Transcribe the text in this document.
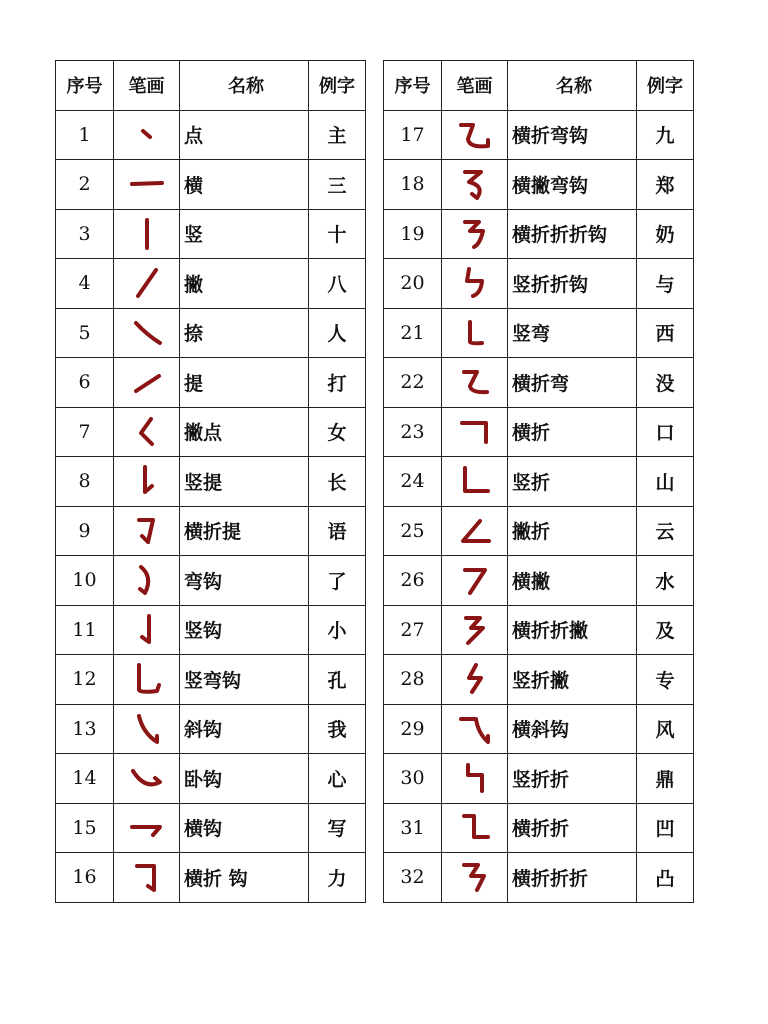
序号	笔画	名称	例字
1		点	主
2		横	三
3		竖	十
4		撇	八
5		捺	人
6		提	打
7		撇点	女
8		竖提	长
9		横折提	语
10		弯钩	了
11		竖钩	小
12		竖弯钩	孔
13		斜钩	我
14		卧钩	心
15		横钩	写
16		横折 钩	力
序号	笔画	名称	例字
17		横折弯钩	九
18		横撇弯钩	郑
19		横折折折钩	奶
20		竖折折钩	与
21		竖弯	西
22		横折弯	没
23		横折	口
24		竖折	山
25		撇折	云
26		横撇	水
27		横折折撇	及
28		竖折撇	专
29		横斜钩	风
30		竖折折	鼎
31		横折折	凹
32		横折折折	凸
